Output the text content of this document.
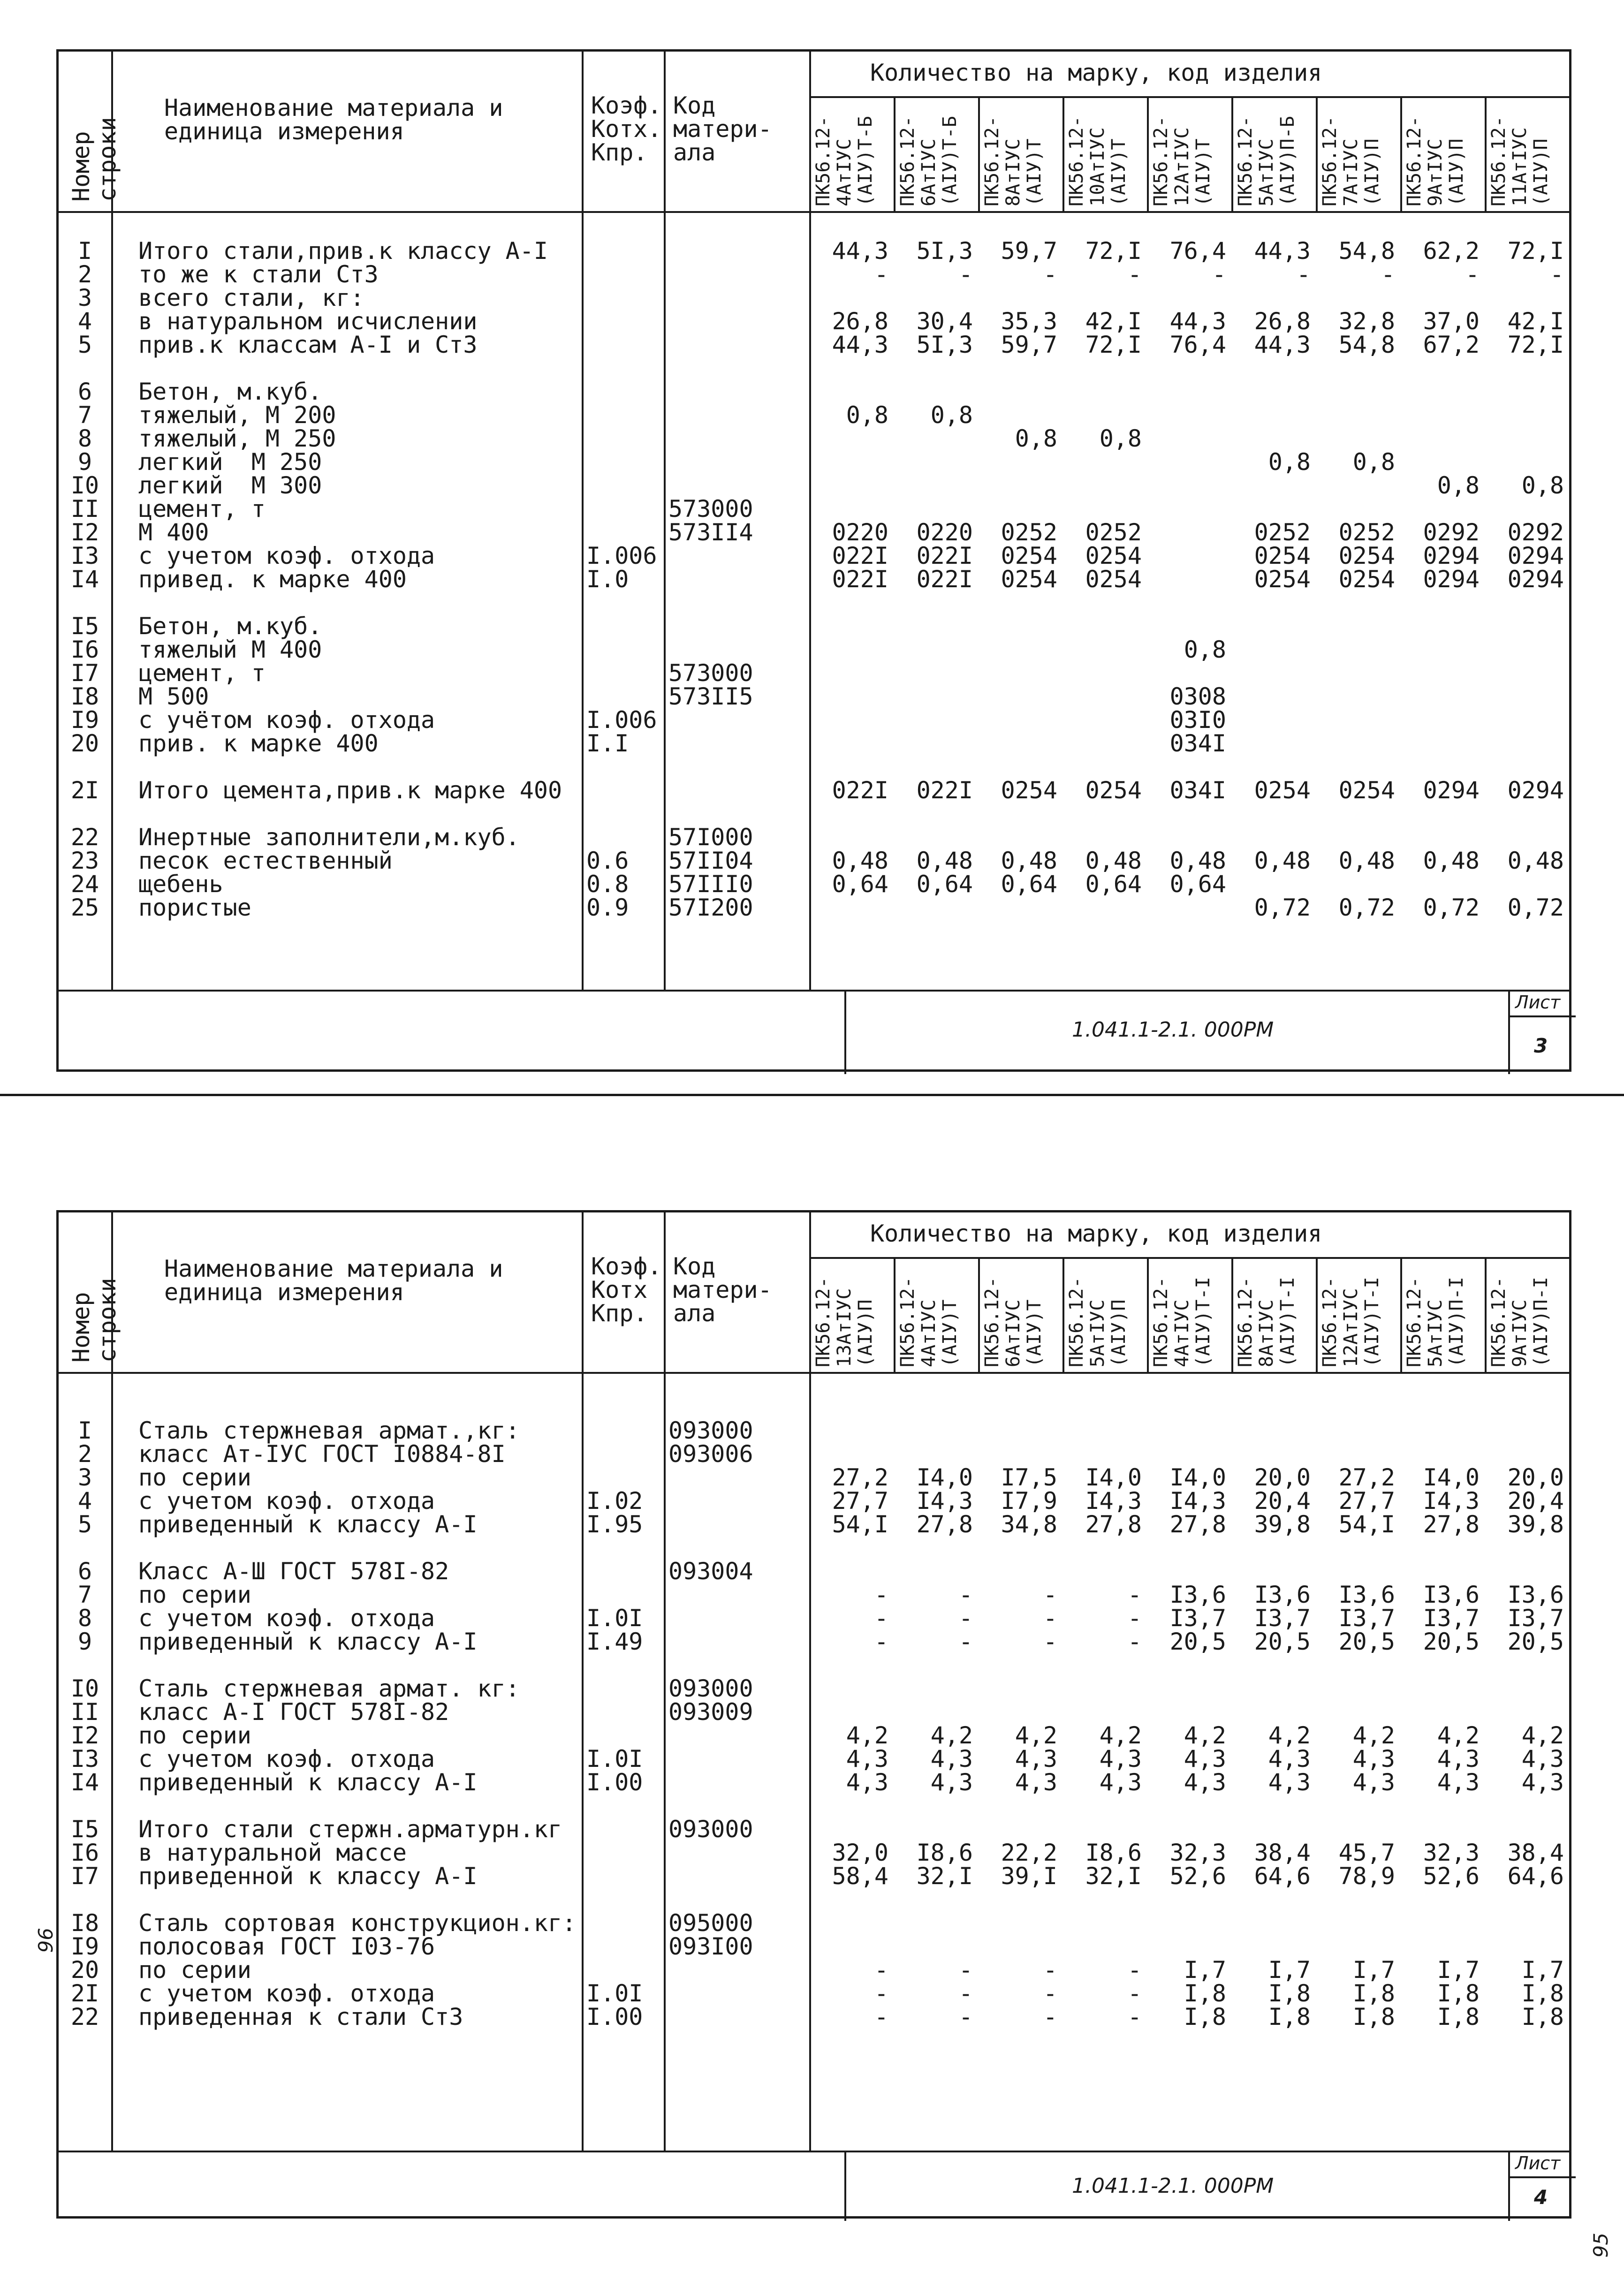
Номер
строки
Наименование материала и
единица измерения
Коэф.
Котх.
Кпр.
Код
матери-
ала
Количество на марку, код изделия
ПК56.12-
4АтIУС
(AIУ)Т-Б ПК56.12-
6АтIУС
(AIУ)Т-Б ПК56.12-
8АтIУС
(AIУ)Т ПК56.12-
10АтIУС
(AIУ)Т ПК56.12-
12АтIУС
(AIУ)Т ПК56.12-
5АтIУС
(AIУ)П-Б ПК56.12-
7АтIУС
(AIУ)П ПК56.12-
9АтIУС
(AIУ)П ПК56.12-
11АтIУС
(AIУ)П
I
2
3
4
5

6
7
8
9
I0
II
I2
I3
I4

I5
I6
I7
I8
I9
20

2I

22
23
24
25
Итого стали,прив.к классу А-I
то же к стали Ст3
всего стали, кг:
в натуральном исчислении
прив.к классам А-I и Ст3

Бетон, м.куб.
тяжелый, М 200
тяжелый, М 250
легкий  М 250
легкий  М 300
цемент, т
М 400
с учетом коэф. отхода
привед. к марке 400

Бетон, м.куб.
тяжелый М 400
цемент, т
М 500
с учётом коэф. отхода
прив. к марке 400

Итого цемента,прив.к марке 400

Инертные заполнители,м.куб.
песок естественный
щебень
пористые

I.006
I.0

I.006
I.I

0.6
0.8
0.9

573000
573II4

573000
573II5

57I000
57II04
57III0
57I200
44,3
-

26,8
44,3

0,8

0220
022I
022I

022I

0,48
0,64

5I,3
-

30,4
5I,3

0,8

0220
022I
022I

022I

0,48
0,64

59,7
-

35,3
59,7

0,8

0252
0254
0254

0254

0,48
0,64

72,I
-

42,I
72,I

0,8

0252
0254
0254

0254

0,48
0,64

76,4
-

44,3
76,4

0,8

0308
03I0
034I

034I

0,48
0,64

44,3
-

26,8
44,3

0,8

0252
0254
0254

0254

0,48

0,72
54,8
-

32,8
54,8

0,8

0252
0254
0254

0254

0,48

0,72
62,2
-

37,0
67,2

0,8

0292
0294
0294

0294

0,48

0,72
72,I
-

42,I
72,I

0,8

0292
0294
0294

0294

0,48

0,72
1.041.1-2.1. 000РМ
Лист
3
Номер
строки
Наименование материала и
единица измерения
Коэф.
Котх
Кпр.
Код
матери-
ала
Количество на марку, код изделия
ПК56.12-
13АтIУС
(AIУ)П ПК56.12-
4АтIУС
(AIУ)Т ПК56.12-
6АтIУС
(AIУ)Т ПК56.12-
5АтIУС
(AIУ)П ПК56.12-
4АтIУС
(AIУ)Т-I ПК56.12-
8АтIУС
(AIУ)Т-I ПК56.12-
12АтIУС
(AIУ)Т-I ПК56.12-
5АтIУС
(AIУ)П-I ПК56.12-
9АтIУС
(AIУ)П-I
I
2
3
4
5

6
7
8
9

I0
II
I2
I3
I4

I5
I6
I7

I8
I9
20
2I
22
Сталь стержневая армат.,кг:
класс Ат-IУС ГОСТ I0884-8I
по серии
с учетом коэф. отхода
приведенный к классу А-I

Класс А-Ш ГОСТ 578I-82
по серии
с учетом коэф. отхода
приведенный к классу А-I

Сталь стержневая армат. кг:
класс А-I ГОСТ 578I-82
по серии
с учетом коэф. отхода
приведенный к классу А-I

Итого стали стержн.арматурн.кг
в натуральной массе
приведенной к классу А-I

Сталь сортовая конструкцион.кг:
полосовая ГОСТ I03-76
по серии
с учетом коэф. отхода
приведенная к стали Ст3

I.02
I.95

I.0I
I.49

I.0I
I.00

I.0I
I.00
093000
093006

093004

093000
093009

093000

095000
093I00

27,2
27,7
54,I

-
-
-

4,2
4,3
4,3

32,0
58,4

-
-
-

I4,0
I4,3
27,8

-
-
-

4,2
4,3
4,3

I8,6
32,I

-
-
-

I7,5
I7,9
34,8

-
-
-

4,2
4,3
4,3

22,2
39,I

-
-
-

I4,0
I4,3
27,8

-
-
-

4,2
4,3
4,3

I8,6
32,I

-
-
-

I4,0
I4,3
27,8

I3,6
I3,7
20,5

4,2
4,3
4,3

32,3
52,6

I,7
I,8
I,8

20,0
20,4
39,8

I3,6
I3,7
20,5

4,2
4,3
4,3

38,4
64,6

I,7
I,8
I,8

27,2
27,7
54,I

I3,6
I3,7
20,5

4,2
4,3
4,3

45,7
78,9

I,7
I,8
I,8

I4,0
I4,3
27,8

I3,6
I3,7
20,5

4,2
4,3
4,3

32,3
52,6

I,7
I,8
I,8

20,0
20,4
39,8

I3,6
I3,7
20,5

4,2
4,3
4,3

38,4
64,6

I,7
I,8
I,8
1.041.1-2.1. 000РМ
Лист
4
96
95
